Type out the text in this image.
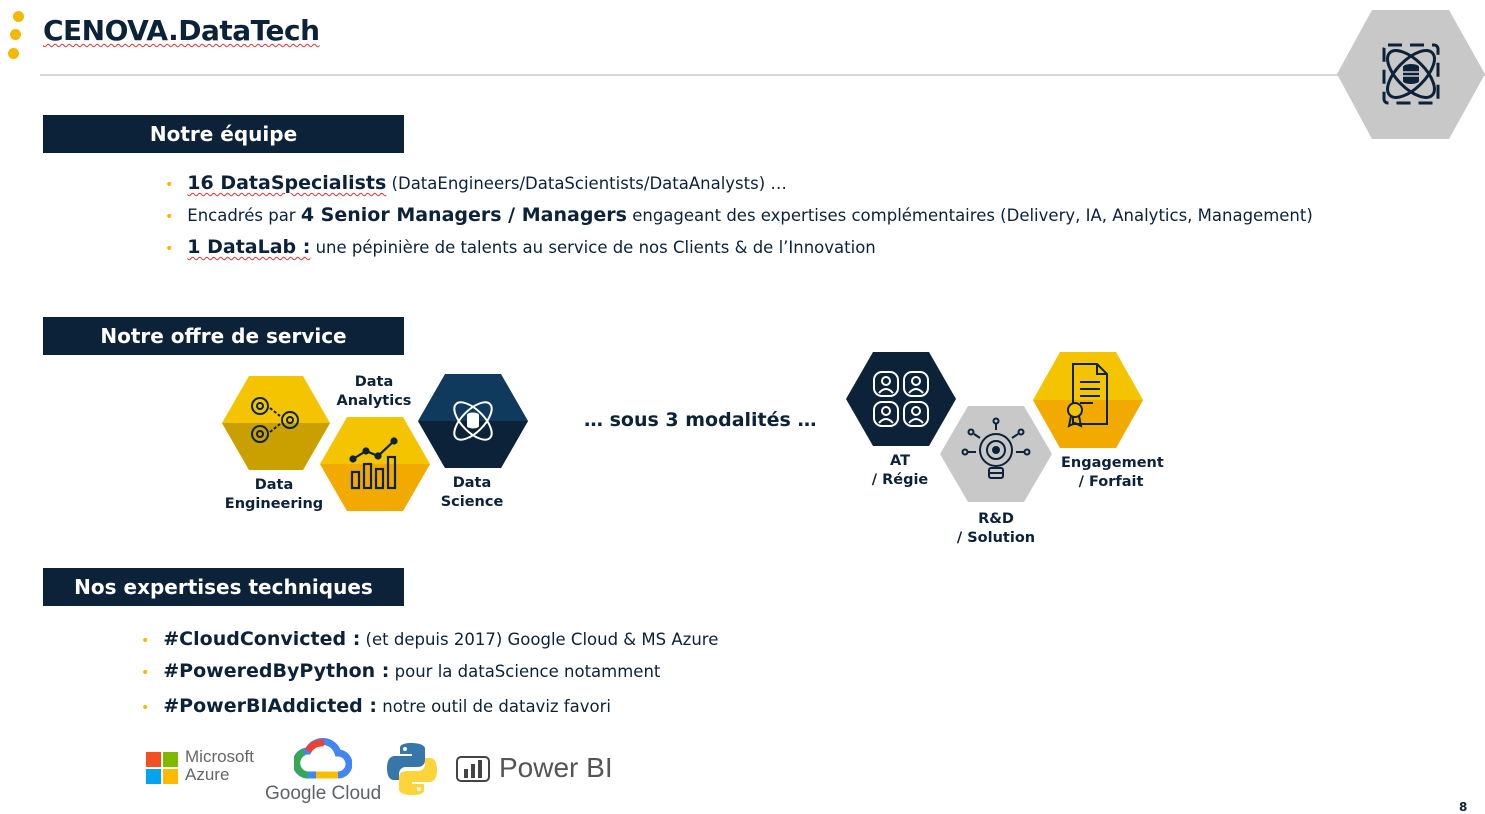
CENOVA.DataTech
Notre équipe
• 16 DataSpecialists (DataEngineers/DataScientists/DataAnalysts) …
• Encadrés par 4 Senior Managers / Managers engageant des expertises complémentaires (Delivery, IA, Analytics, Management)
• 1 DataLab : une pépinière de talents au service de nos Clients & de l’Innovation
Notre offre de service
Data
Engineering
Data
Analytics
Data
Science
… sous 3 modalités …
AT
/ Régie
R&D
/ Solution
Engagement
/ Forfait
Nos expertises techniques
• #CloudConvicted : (et depuis 2017) Google Cloud & MS Azure
• #PoweredByPython : pour la dataScience notamment
• #PowerBIAddicted : notre outil de dataviz favori
Microsoft
Azure
Google Cloud
Power BI
8
